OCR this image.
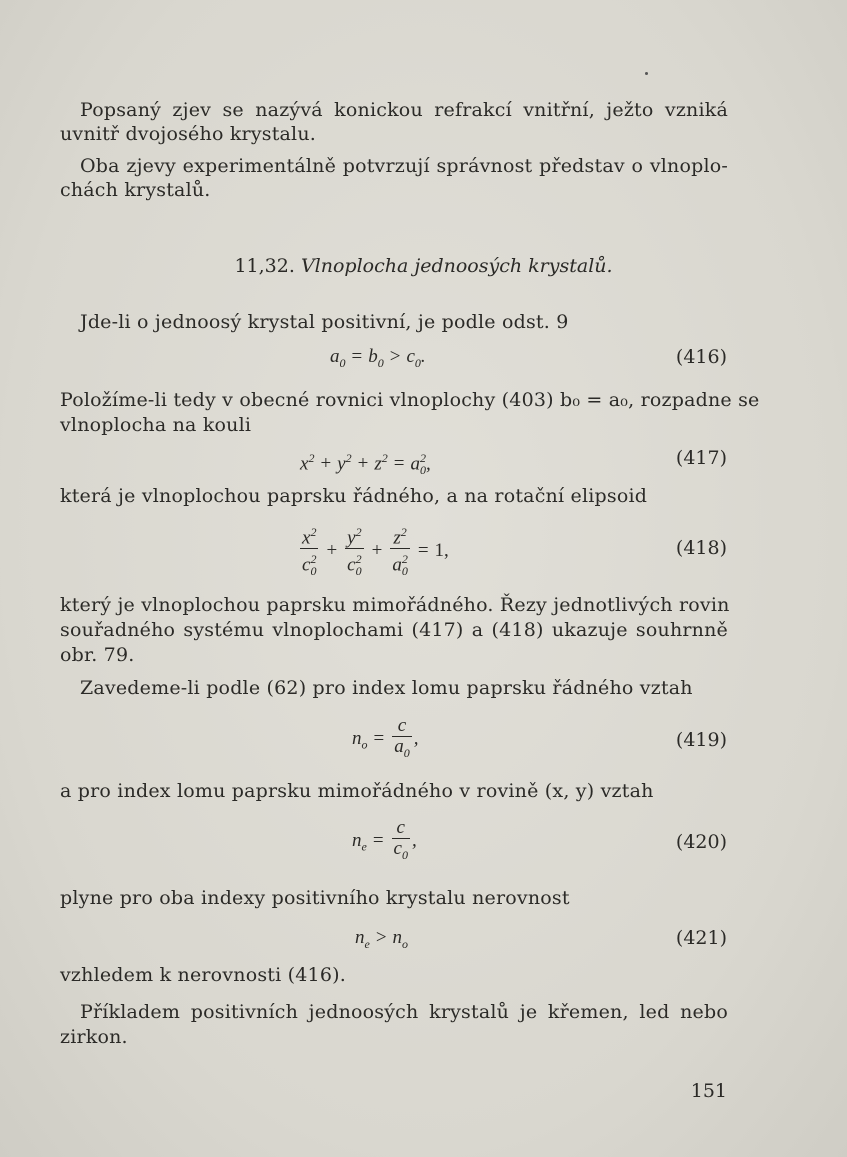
Popsaný zjev se nazývá konickou refrakcí vnitřní, ježto vzniká
uvnitř dvojosého krystalu.
Oba zjevy experimentálně potvrzují správnost představ o vlnoplo-
chách krystalů.
11,32. Vlnoplocha jednoosých krystalů.
Jde-li o jednoosý krystal positivní, je podle odst. 9
$a_0 = b_0 > c_0$.	(416)
Položíme-li tedy v obecné rovnici vlnoplochy (403) b₀ = a₀, rozpadne se
vlnoplocha na kouli
$x^2 + y^2 + z^2 = a_0^2$,	(417)
která je vlnoplochou paprsku řádného, a na rotační elipsoid
$\frac{x^2}{c_0^2} + \frac{y^2}{c_0^2} + \frac{z^2}{a_0^2} = 1$,	(418)
který je vlnoplochou paprsku mimořádného. Řezy jednotlivých rovin
souřadného systému vlnoplochami (417) a (418) ukazuje souhrnně
obr. 79.
Zavedeme-li podle (62) pro index lomu paprsku řádného vztah
$n_o = \frac{c}{a_0}$ ,	(419)
a pro index lomu paprsku mimořádného v rovině (x, y) vztah
$n_e = \frac{c}{c_0}$ ,	(420)
plyne pro oba indexy positivního krystalu nerovnost
$n_e > n_o$	(421)
vzhledem k nerovnosti (416).
Příkladem positivních jednoosých krystalů je křemen, led nebo
zirkon.
151
